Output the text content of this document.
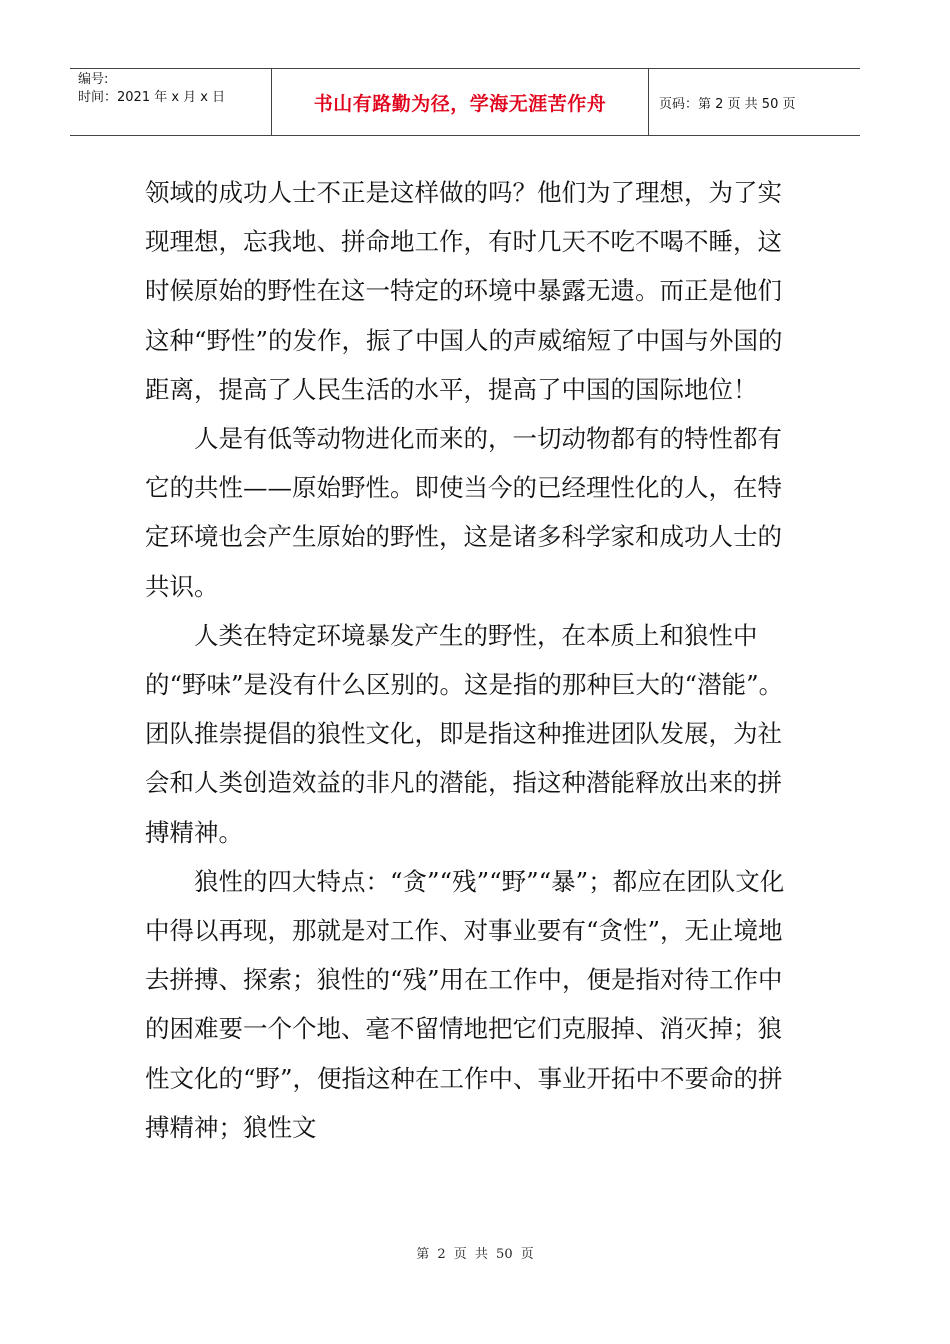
编号:
时间：2021 年 x 月 x 日	书山有路勤为径，学海无涯苦作舟	页码：第 2 页 共 50 页

领域的成功人士不正是这样做的吗？他们为了理想，为了实现理想，忘我地、拼命地工作，有时几天不吃不喝不睡，这时候原始的野性在这一特定的环境中暴露无遗。而正是他们这种“野性”的发作，振了中国人的声威缩短了中国与外国的距离，提高了人民生活的水平，提高了中国的国际地位！

人是有低等动物进化而来的，一切动物都有的特性都有它的共性——原始野性。即使当今的已经理性化的人，在特定环境也会产生原始的野性，这是诸多科学家和成功人士的共识。

人类在特定环境暴发产生的野性，在本质上和狼性中的“野味”是没有什么区别的。这是指的那种巨大的“潜能”。 团队推崇提倡的狼性文化，即是指这种推进团队发展，为社会和人类创造效益的非凡的潜能，指这种潜能释放出来的拼搏精神。

狼性的四大特点：“贪”“残”“野”“暴”；都应在团队文化中得以再现，那就是对工作、对事业要有“贪性”，无止境地去拼搏、探索；狼性的“残”用在工作中，便是指对待工作中的困难要一个个地、毫不留情地把它们克服掉、消灭掉；狼性文化的“野”，便指这种在工作中、事业开拓中不要命的拼搏精神；狼性文

第 2 页 共 50 页
